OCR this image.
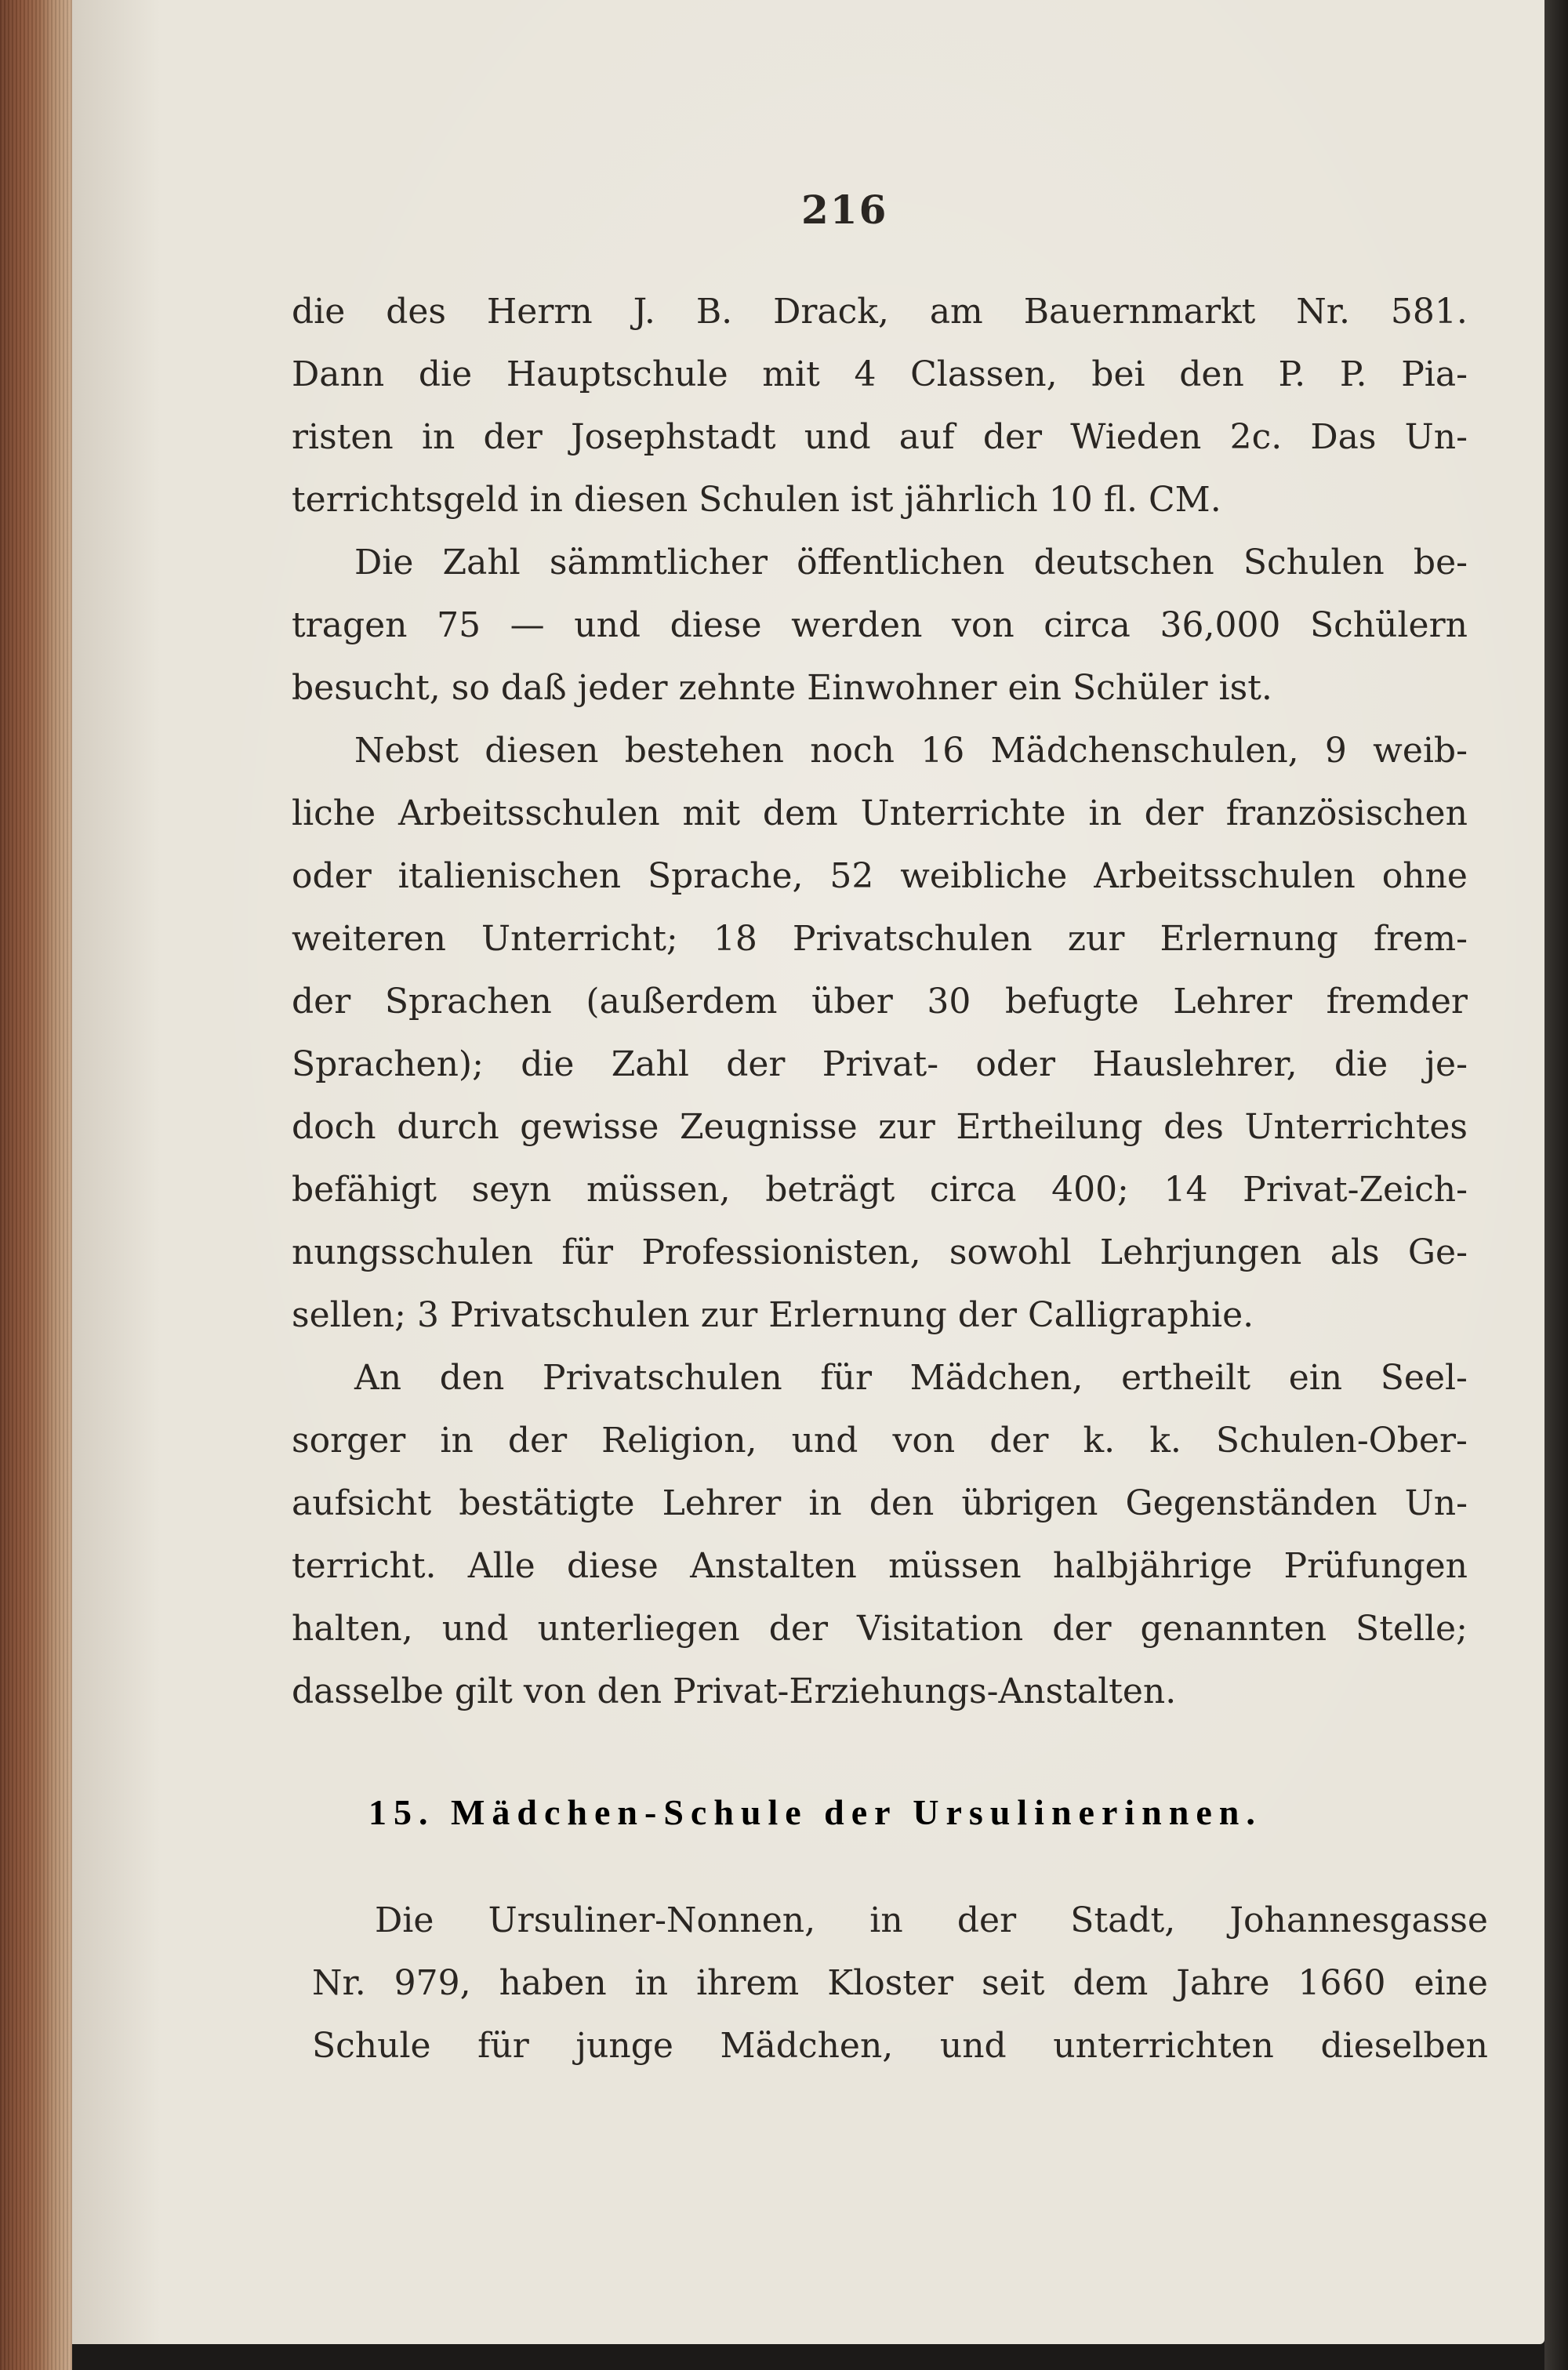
216
die des Herrn J. B. Drack, am Bauernmarkt Nr. 581.
Dann die Hauptschule mit 4 Classen, bei den P. P. Pia-
risten in der Josephstadt und auf der Wieden 2c. Das Un-
terrichtsgeld in diesen Schulen ist jährlich 10 fl. CM.
Die Zahl sämmtlicher öffentlichen deutschen Schulen be-
tragen 75 — und diese werden von circa 36,000 Schülern
besucht, so daß jeder zehnte Einwohner ein Schüler ist.
Nebst diesen bestehen noch 16 Mädchenschulen, 9 weib-
liche Arbeitsschulen mit dem Unterrichte in der französischen
oder italienischen Sprache, 52 weibliche Arbeitsschulen ohne
weiteren Unterricht; 18 Privatschulen zur Erlernung frem-
der Sprachen (außerdem über 30 befugte Lehrer fremder
Sprachen); die Zahl der Privat- oder Hauslehrer, die je-
doch durch gewisse Zeugnisse zur Ertheilung des Unterrichtes
befähigt seyn müssen, beträgt circa 400; 14 Privat-Zeich-
nungsschulen für Professionisten, sowohl Lehrjungen als Ge-
sellen; 3 Privatschulen zur Erlernung der Calligraphie.
An den Privatschulen für Mädchen, ertheilt ein Seel-
sorger in der Religion, und von der k. k. Schulen-Ober-
aufsicht bestätigte Lehrer in den übrigen Gegenständen Un-
terricht. Alle diese Anstalten müssen halbjährige Prüfungen
halten, und unterliegen der Visitation der genannten Stelle;
dasselbe gilt von den Privat-Erziehungs-Anstalten.
15. Mädchen-Schule der Ursulinerinnen.
Die Ursuliner-Nonnen, in der Stadt, Johannesgasse
Nr. 979, haben in ihrem Kloster seit dem Jahre 1660 eine
Schule für junge Mädchen, und unterrichten dieselben
